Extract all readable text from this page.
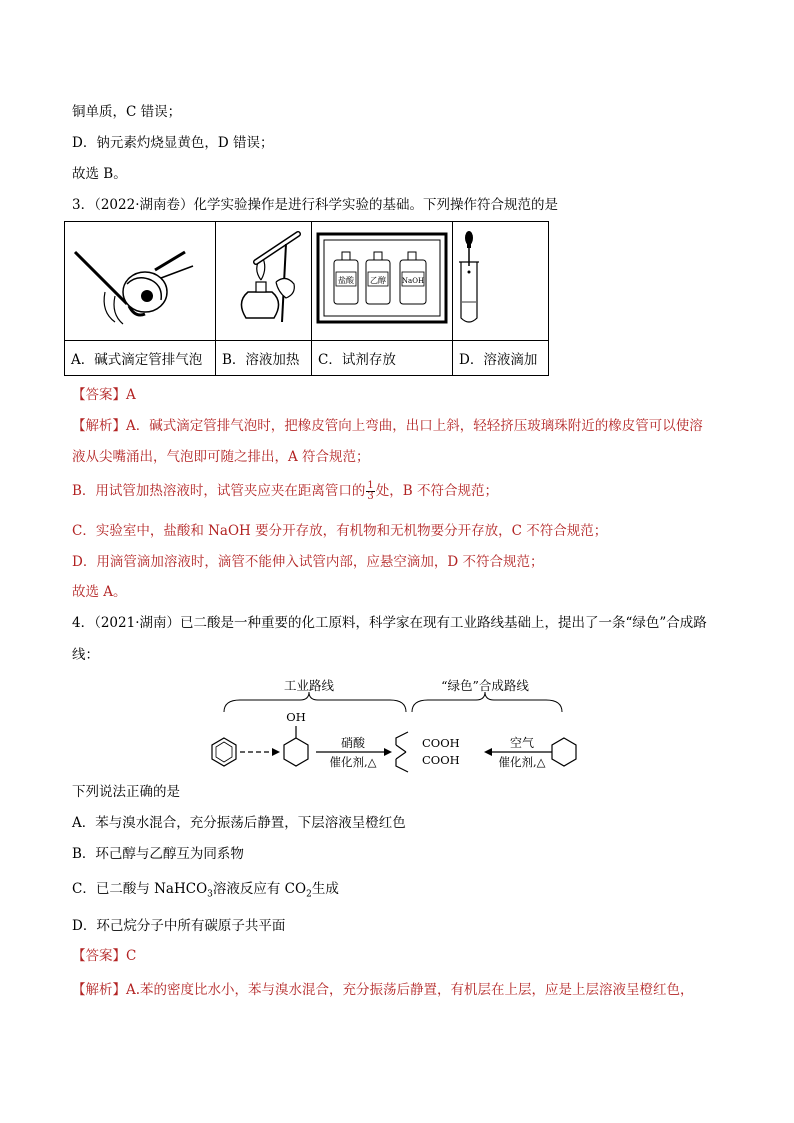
铜单质，C 错误；
D．钠元素灼烧显黄色，D 错误；
故选 B。
3．（2022·湖南卷）化学实验操作是进行科学实验的基础。下列操作符合规范的是

盐酸 乙醇 NaOH

A．碱式滴定管排气泡	B．溶液加热	C．试剂存放	D．溶液滴加
【答案】A
【解析】A．碱式滴定管排气泡时，把橡皮管向上弯曲，出口上斜，轻轻挤压玻璃珠附近的橡皮管可以使溶
液从尖嘴涌出，气泡即可随之排出，A 符合规范；
B．用试管加热溶液时，试管夹应夹在距离管口的 $\frac{1}{3}$ 处，B 不符合规范；
C．实验室中，盐酸和 NaOH 要分开存放，有机物和无机物要分开存放，C 不符合规范；
D．用滴管滴加溶液时，滴管不能伸入试管内部，应悬空滴加，D 不符合规范；
故选 A。
4．（2021·湖南）已二酸是一种重要的化工原料，科学家在现有工业路线基础上，提出了一条“绿色”合成路
线：
工业路线	“绿色”合成路线
OH
硝酸
催化剂,△
COOH
COOH
空气
催化剂,△
下列说法正确的是
A．苯与溴水混合，充分振荡后静置，下层溶液呈橙红色
B．环己醇与乙醇互为同系物
C．已二酸与 NaHCO$_3$溶液反应有 $CO_2$生成
D．环己烷分子中所有碳原子共平面
【答案】C
【解析】A.苯的密度比水小，苯与溴水混合，充分振荡后静置，有机层在上层，应是上层溶液呈橙红色，
